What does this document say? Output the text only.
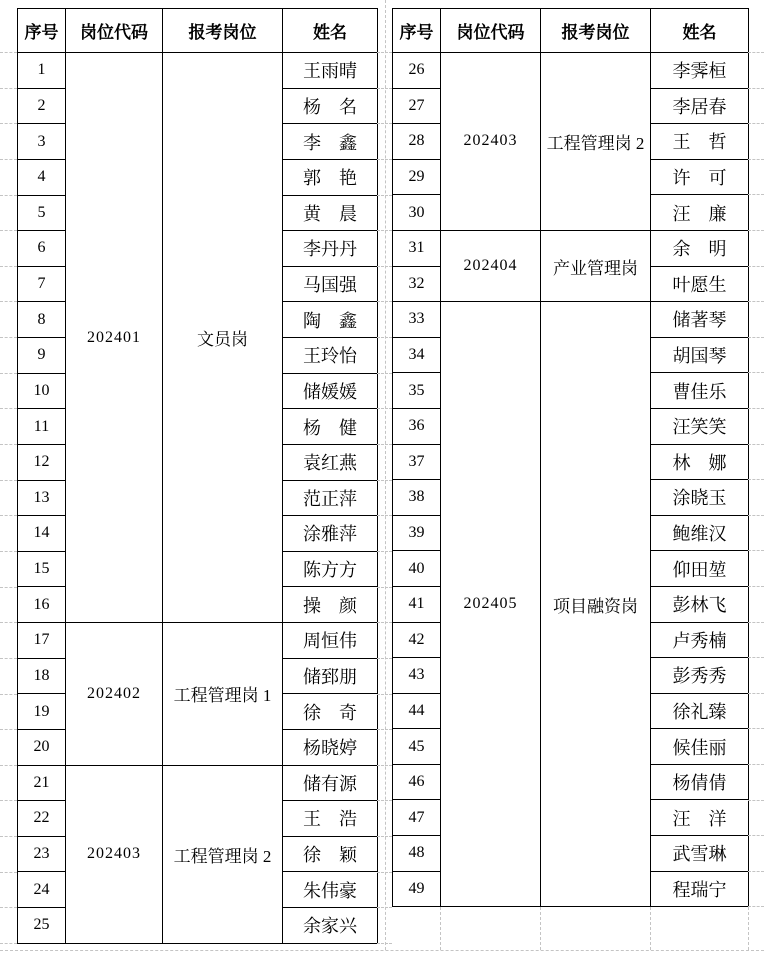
序号	岗位代码	报考岗位	姓名
1	202401	文员岗	王雨晴
2			杨　名
3			李　鑫
4			郭　艳
5			黄　晨
6			李丹丹
7			马国强
8			陶　鑫
9			王玲怡
10			储媛媛
11			杨　健
12			袁红燕
13			范正萍
14			涂雅萍
15			陈方方
16			操　颜
17	202402	工程管理岗 1	周恒伟
18			储郅朋
19			徐　奇
20			杨晓婷
21	202403	工程管理岗 2	储有源
22			王　浩
23			徐　颖
24			朱伟豪
25			余家兴
序号	岗位代码	报考岗位	姓名
26	202403	工程管理岗 2	李霁桓
27			李居春
28			王　哲
29			许　可
30			汪　廉
31	202404	产业管理岗	余　明
32			叶愿生
33	202405	项目融资岗	储著琴
34			胡国琴
35			曹佳乐
36			汪笑笑
37			林　娜
38			涂晓玉
39			鲍维汉
40			仰田堃
41			彭林飞
42			卢秀楠
43			彭秀秀
44			徐礼臻
45			候佳丽
46			杨倩倩
47			汪　洋
48			武雪琳
49			程瑞宁
